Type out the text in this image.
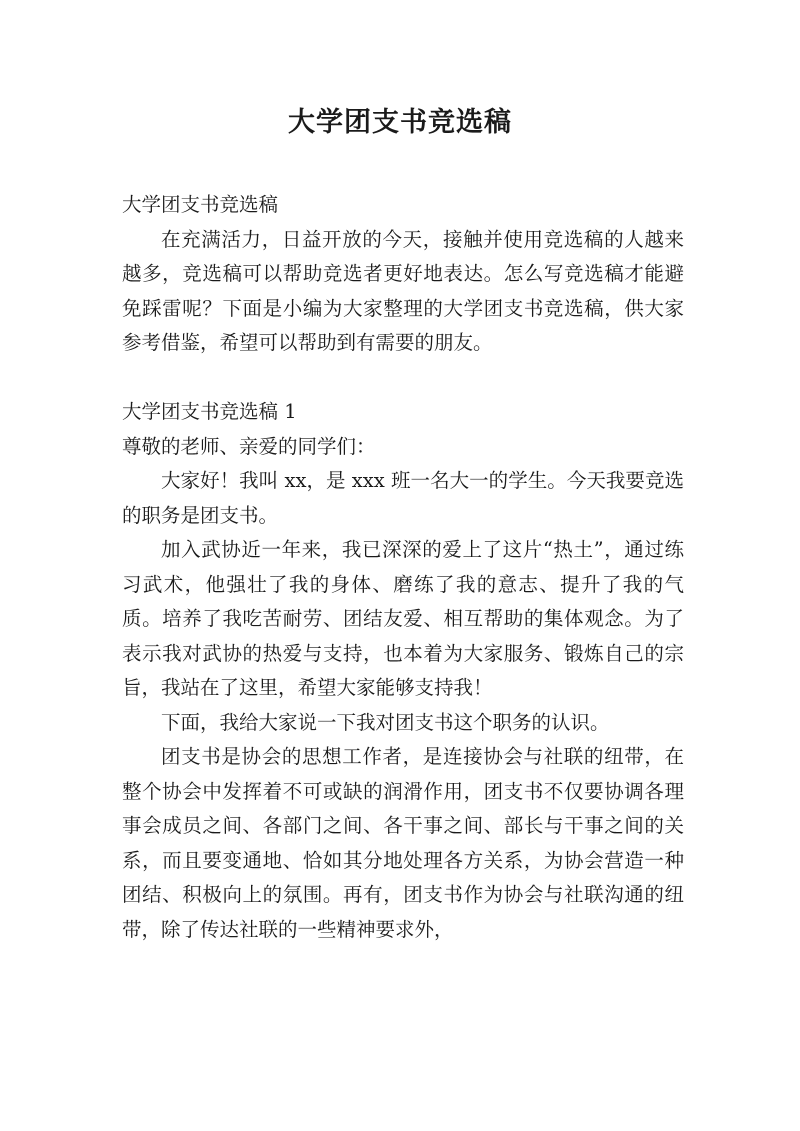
大学团支书竞选稿

大学团支书竞选稿

在充满活力，日益开放的今天，接触并使用竞选稿的人越来越多，竞选稿可以帮助竞选者更好地表达。怎么写竞选稿才能避免踩雷呢？下面是小编为大家整理的大学团支书竞选稿，供大家参考借鉴，希望可以帮助到有需要的朋友。

大学团支书竞选稿 1

尊敬的老师、亲爱的同学们：

大家好！我叫 xx，是 xxx 班一名大一的学生。今天我要竞选的职务是团支书。

加入武协近一年来，我已深深的爱上了这片“热土”，通过练习武术，他强壮了我的身体、磨练了我的意志、提升了我的气质。培养了我吃苦耐劳、团结友爱、相互帮助的集体观念。为了表示我对武协的热爱与支持，也本着为大家服务、锻炼自己的宗旨，我站在了这里，希望大家能够支持我！

下面，我给大家说一下我对团支书这个职务的认识。

团支书是协会的思想工作者，是连接协会与社联的纽带，在整个协会中发挥着不可或缺的润滑作用，团支书不仅要协调各理事会成员之间、各部门之间、各干事之间、部长与干事之间的关系，而且要变通地、恰如其分地处理各方关系，为协会营造一种团结、积极向上的氛围。再有，团支书作为协会与社联沟通的纽带，除了传达社联的一些精神要求外，
